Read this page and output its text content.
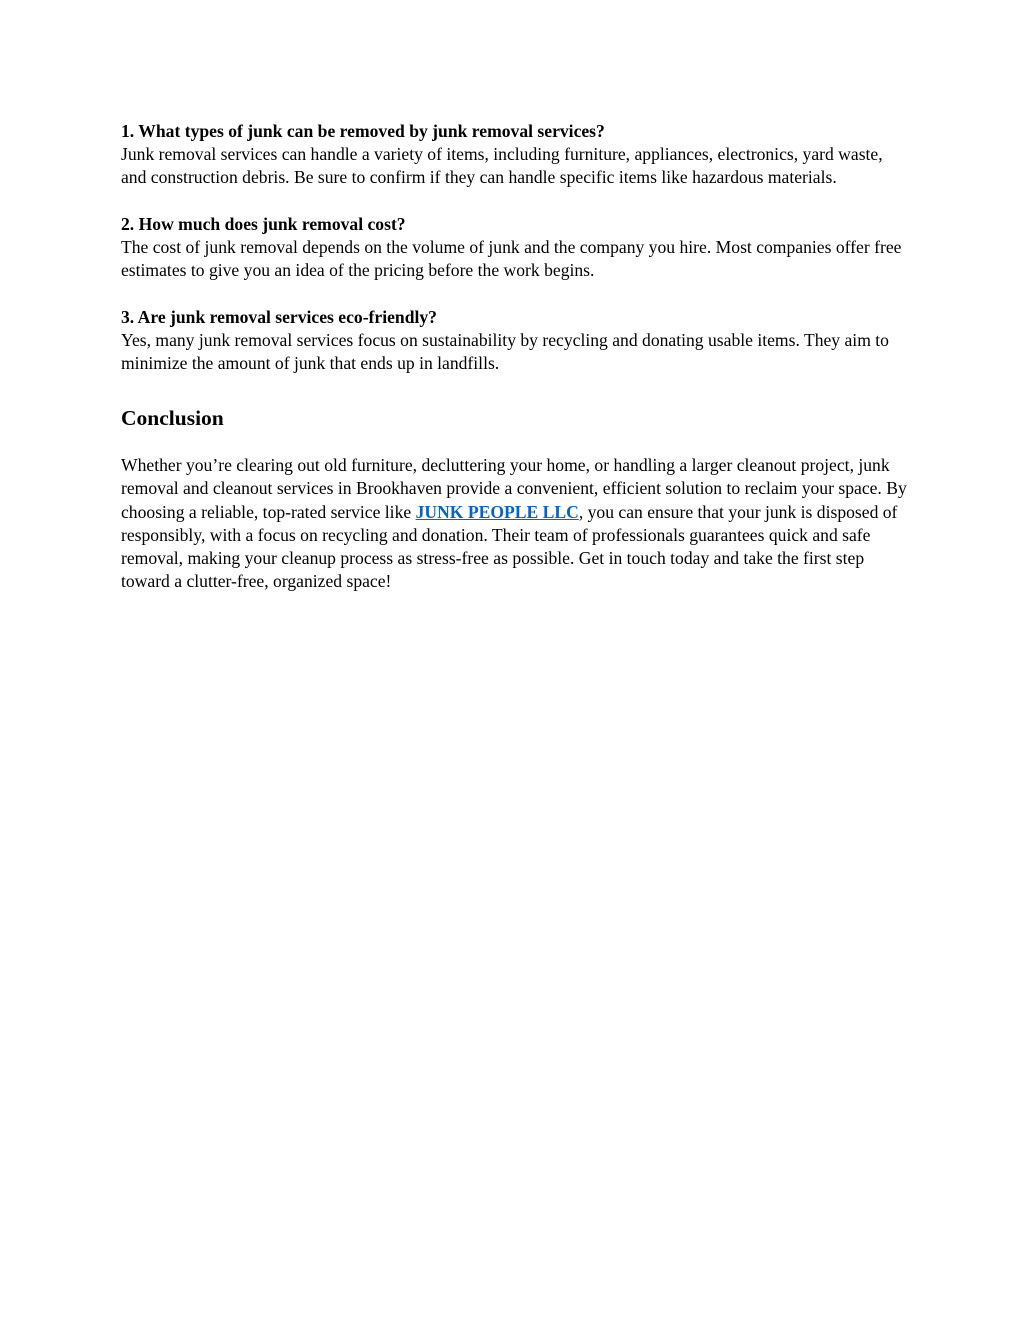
1. What types of junk can be removed by junk removal services?
Junk removal services can handle a variety of items, including furniture, appliances, electronics, yard waste, and construction debris. Be sure to confirm if they can handle specific items like hazardous materials.
2. How much does junk removal cost?
The cost of junk removal depends on the volume of junk and the company you hire. Most companies offer free estimates to give you an idea of the pricing before the work begins.
3. Are junk removal services eco-friendly?
Yes, many junk removal services focus on sustainability by recycling and donating usable items. They aim to minimize the amount of junk that ends up in landfills.
Conclusion

Whether you’re clearing out old furniture, decluttering your home, or handling a larger cleanout project, junk removal and cleanout services in Brookhaven provide a convenient, efficient solution to reclaim your space. By choosing a reliable, top-rated service like JUNK PEOPLE LLC, you can ensure that your junk is disposed of responsibly, with a focus on recycling and donation. Their team of professionals guarantees quick and safe removal, making your cleanup process as stress-free as possible. Get in touch today and take the first step toward a clutter-free, organized space!
